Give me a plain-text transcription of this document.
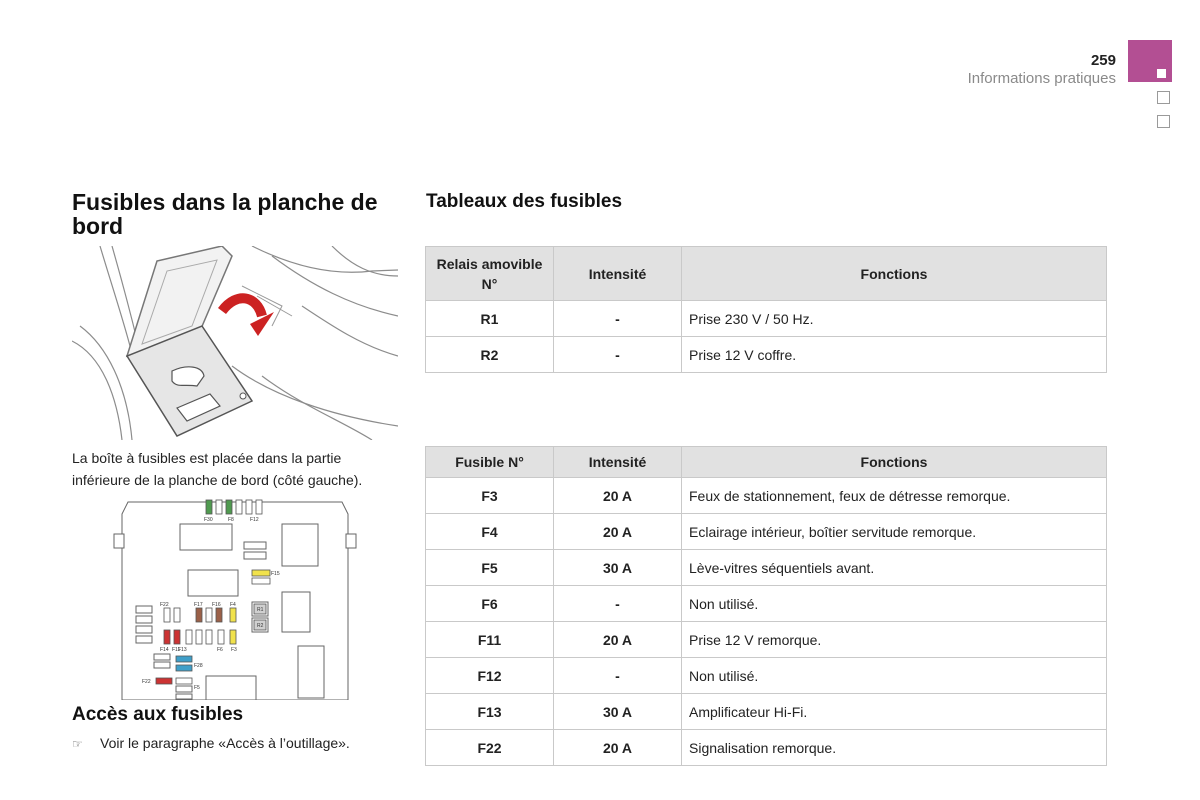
259
Informations pratiques
Fusibles dans la planche de bord
La boîte à fusibles est placée dans la partie inférieure de la planche de bord (côté gauche).
F30	F8	F12
F15
F22	F17 F16 F4
R1
R2
F14 F11
F13	F6 F3
F28
F22
F5
Accès aux fusibles
☞ Voir le paragraphe «Accès à l’outillage».
Tableaux des fusibles
Relais amovible N°	Intensité	Fonctions
R1	-	Prise 230 V / 50 Hz.
R2	-	Prise 12 V coffre.
Fusible N°	Intensité	Fonctions
F3	20 A	Feux de stationnement, feux de détresse remorque.
F4	20 A	Eclairage intérieur, boîtier servitude remorque.
F5	30 A	Lève-vitres séquentiels avant.
F6	-	Non utilisé.
F11	20 A	Prise 12 V remorque.
F12	-	Non utilisé.
F13	30 A	Amplificateur Hi-Fi.
F22	20 A	Signalisation remorque.
